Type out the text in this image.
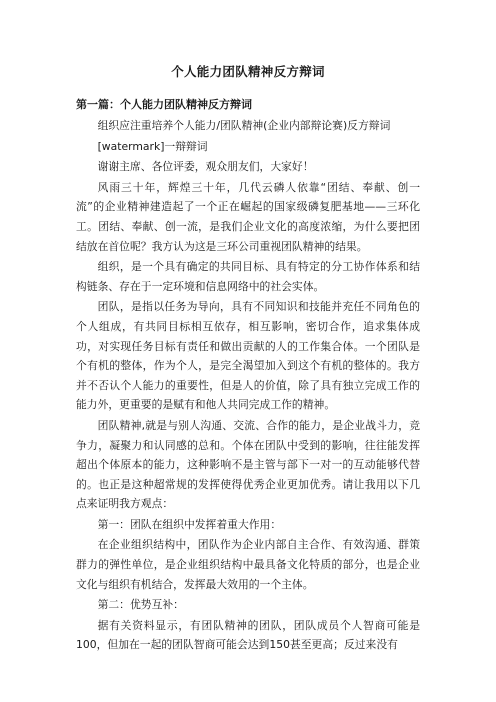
个人能力团队精神反方辩词
第一篇：个人能力团队精神反方辩词

组织应注重培养个人能力/团队精神(企业内部辩论赛)反方辩词

[watermark]一辩辩词

谢谢主席、各位评委，观众朋友们，大家好！

风雨三十年，辉煌三十年，几代云磷人依靠“团结、奉献、创一流”的企业精神建造起了一个正在崛起的国家级磷复肥基地——三环化工。团结、奉献、创一流，是我们企业文化的高度浓缩，为什么要把团结放在首位呢？我方认为这是三环公司重视团队精神的结果。

组织，是一个具有确定的共同目标、具有特定的分工协作体系和结构链条、存在于一定环境和信息网络中的社会实体。

团队，是指以任务为导向，具有不同知识和技能并充任不同角色的个人组成，有共同目标相互依存，相互影响，密切合作，追求集体成功，对实现任务目标有责任和做出贡献的人的工作集合体。一个团队是个有机的整体，作为个人，是完全渴望加入到这个有机的整体的。我方并不否认个人能力的重要性，但是人的价值，除了具有独立完成工作的能力外，更重要的是赋有和他人共同完成工作的精神。

团队精神,就是与别人沟通、交流、合作的能力，是企业战斗力，竞争力，凝聚力和认同感的总和。个体在团队中受到的影响，往往能发挥超出个体原本的能力，这种影响不是主管与部下一对一的互动能够代替的。也正是这种超常规的发挥使得优秀企业更加优秀。请让我用以下几点来证明我方观点：

第一：团队在组织中发挥着重大作用：

在企业组织结构中，团队作为企业内部自主合作、有效沟通、群策群力的弹性单位，是企业组织结构中最具备文化特质的部分，也是企业文化与组织有机结合，发挥最大效用的一个主体。

第二：优势互补：

据有关资料显示，有团队精神的团队，团队成员个人智商可能是100，但加在一起的团队智商可能会达到150甚至更高；反过来没有
